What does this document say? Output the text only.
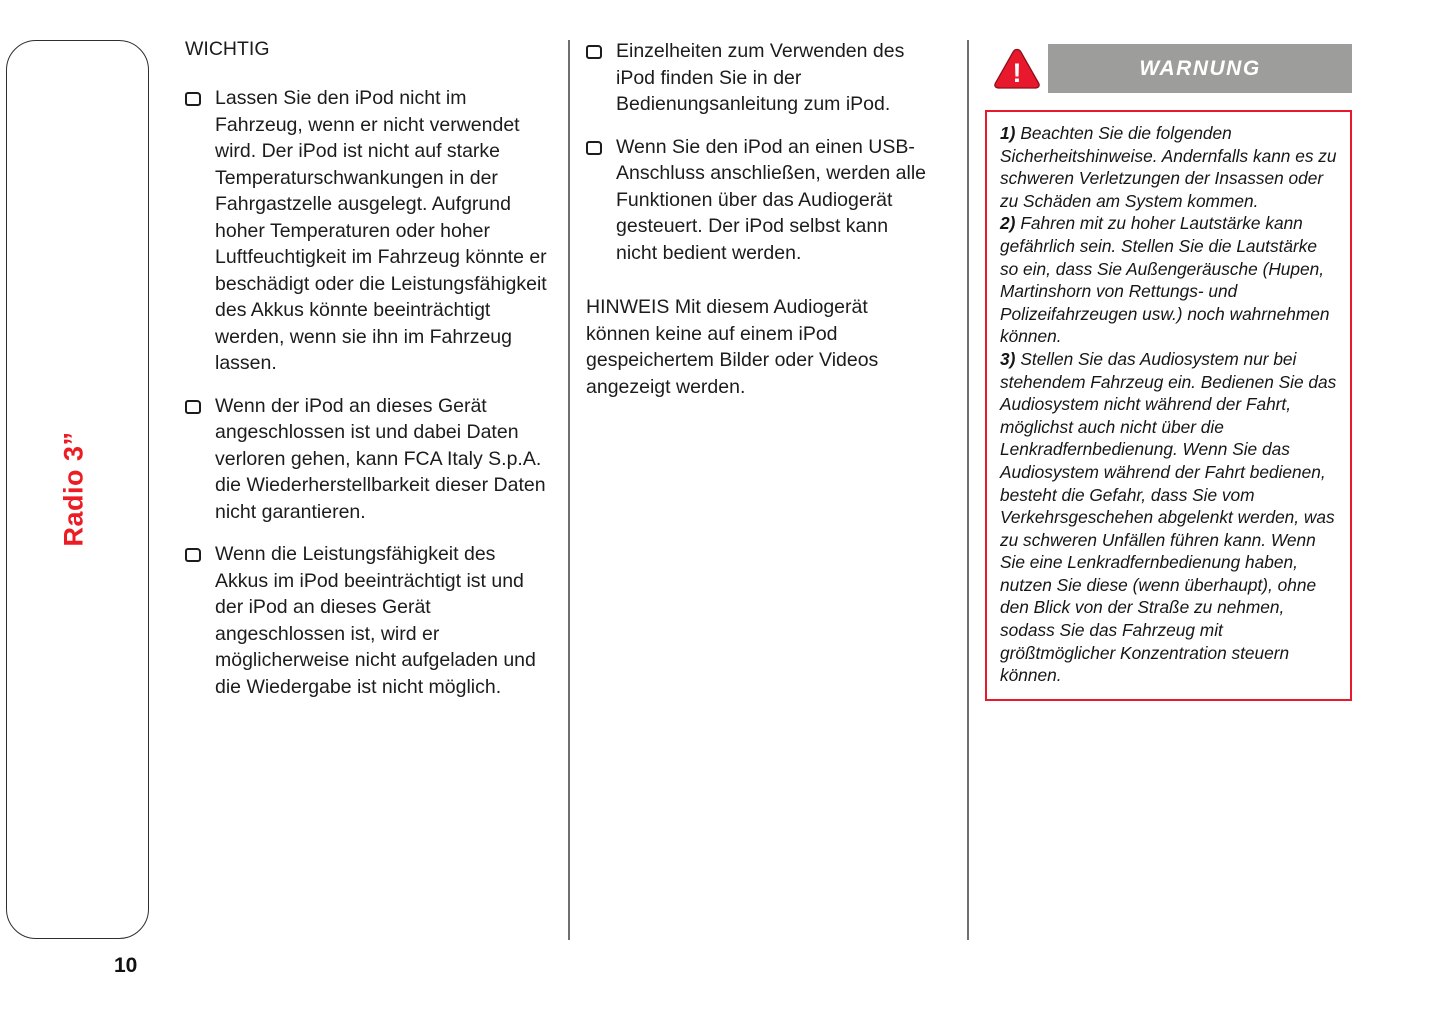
Radio 3”
10
WICHTIG

Lassen Sie den iPod nicht im Fahrzeug, wenn er nicht verwendet wird. Der iPod ist nicht auf starke Temperaturschwankungen in der Fahrgastzelle ausgelegt. Aufgrund hoher Temperaturen oder hoher Luftfeuchtigkeit im Fahrzeug könnte er beschädigt oder die Leistungsfähigkeit des Akkus könnte beeinträchtigt werden, wenn sie ihn im Fahrzeug lassen.

Wenn der iPod an dieses Gerät angeschlossen ist und dabei Daten verloren gehen, kann FCA Italy S.p.A. die Wiederherstellbarkeit dieser Daten nicht garantieren.

Wenn die Leistungsfähigkeit des Akkus im iPod beeinträchtigt ist und der iPod an dieses Gerät angeschlossen ist, wird er möglicherweise nicht aufgeladen und die Wiedergabe ist nicht möglich.

Einzelheiten zum Verwenden des iPod finden Sie in der Bedienungsanleitung zum iPod.

Wenn Sie den iPod an einen USB-Anschluss anschließen, werden alle Funktionen über das Audiogerät gesteuert. Der iPod selbst kann nicht bedient werden.

HINWEIS Mit diesem Audiogerät können keine auf einem iPod gespeichertem Bilder oder Videos angezeigt werden.

!	WARNUNG

1) Beachten Sie die folgenden Sicherheitshinweise. Andernfalls kann es zu schweren Verletzungen der Insassen oder zu Schäden am System kommen.

2) Fahren mit zu hoher Lautstärke kann gefährlich sein. Stellen Sie die Lautstärke so ein, dass Sie Außengeräusche (Hupen, Martinshorn von Rettungs- und Polizeifahrzeugen usw.) noch wahrnehmen können.

3) Stellen Sie das Audiosystem nur bei stehendem Fahrzeug ein. Bedienen Sie das Audiosystem nicht während der Fahrt, möglichst auch nicht über die Lenkradfernbedienung. Wenn Sie das Audiosystem während der Fahrt bedienen, besteht die Gefahr, dass Sie vom Verkehrsgeschehen abgelenkt werden, was zu schweren Unfällen führen kann. Wenn Sie eine Lenkradfernbedienung haben, nutzen Sie diese (wenn überhaupt), ohne den Blick von der Straße zu nehmen, sodass Sie das Fahrzeug mit größtmöglicher Konzentration steuern können.
